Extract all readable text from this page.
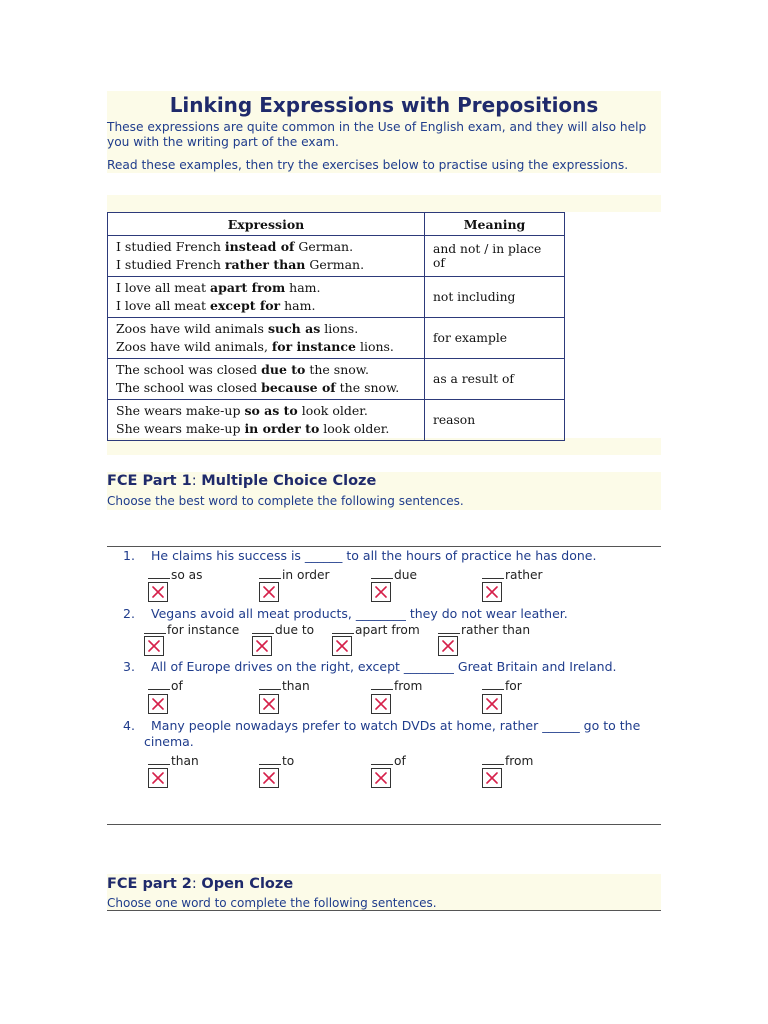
Linking Expressions with Prepositions
These expressions are quite common in the Use of English exam, and they will also help you with the writing part of the exam.
Read these examples, then try the exercises below to practise using the expressions.
Expression	Meaning
I studied French instead of German.
I studied French rather than German.	and not / in place of
I love all meat apart from ham.
I love all meat except for ham.	not including
Zoos have wild animals such as lions.
Zoos have wild animals, for instance lions.	for example
The school was closed due to the snow.
The school was closed because of the snow.	as a result of
She wears make-up so as to look older.
She wears make-up in order to look older.	reason
FCE Part 1: Multiple Choice Cloze
Choose the best word to complete the following sentences.
1. He claims his success is ______ to all the hours of practice he has done.
so as	in order	due	rather
2. Vegans avoid all meat products, ________ they do not wear leather.
for instance	due to	apart from	rather than
3. All of Europe drives on the right, except ________ Great Britain and Ireland.
of	than	from	for
4.	Many people nowadays prefer to watch DVDs at home, rather ______ go to the cinema.
than	to	of	from
FCE part 2: Open Cloze
Choose one word to complete the following sentences.
